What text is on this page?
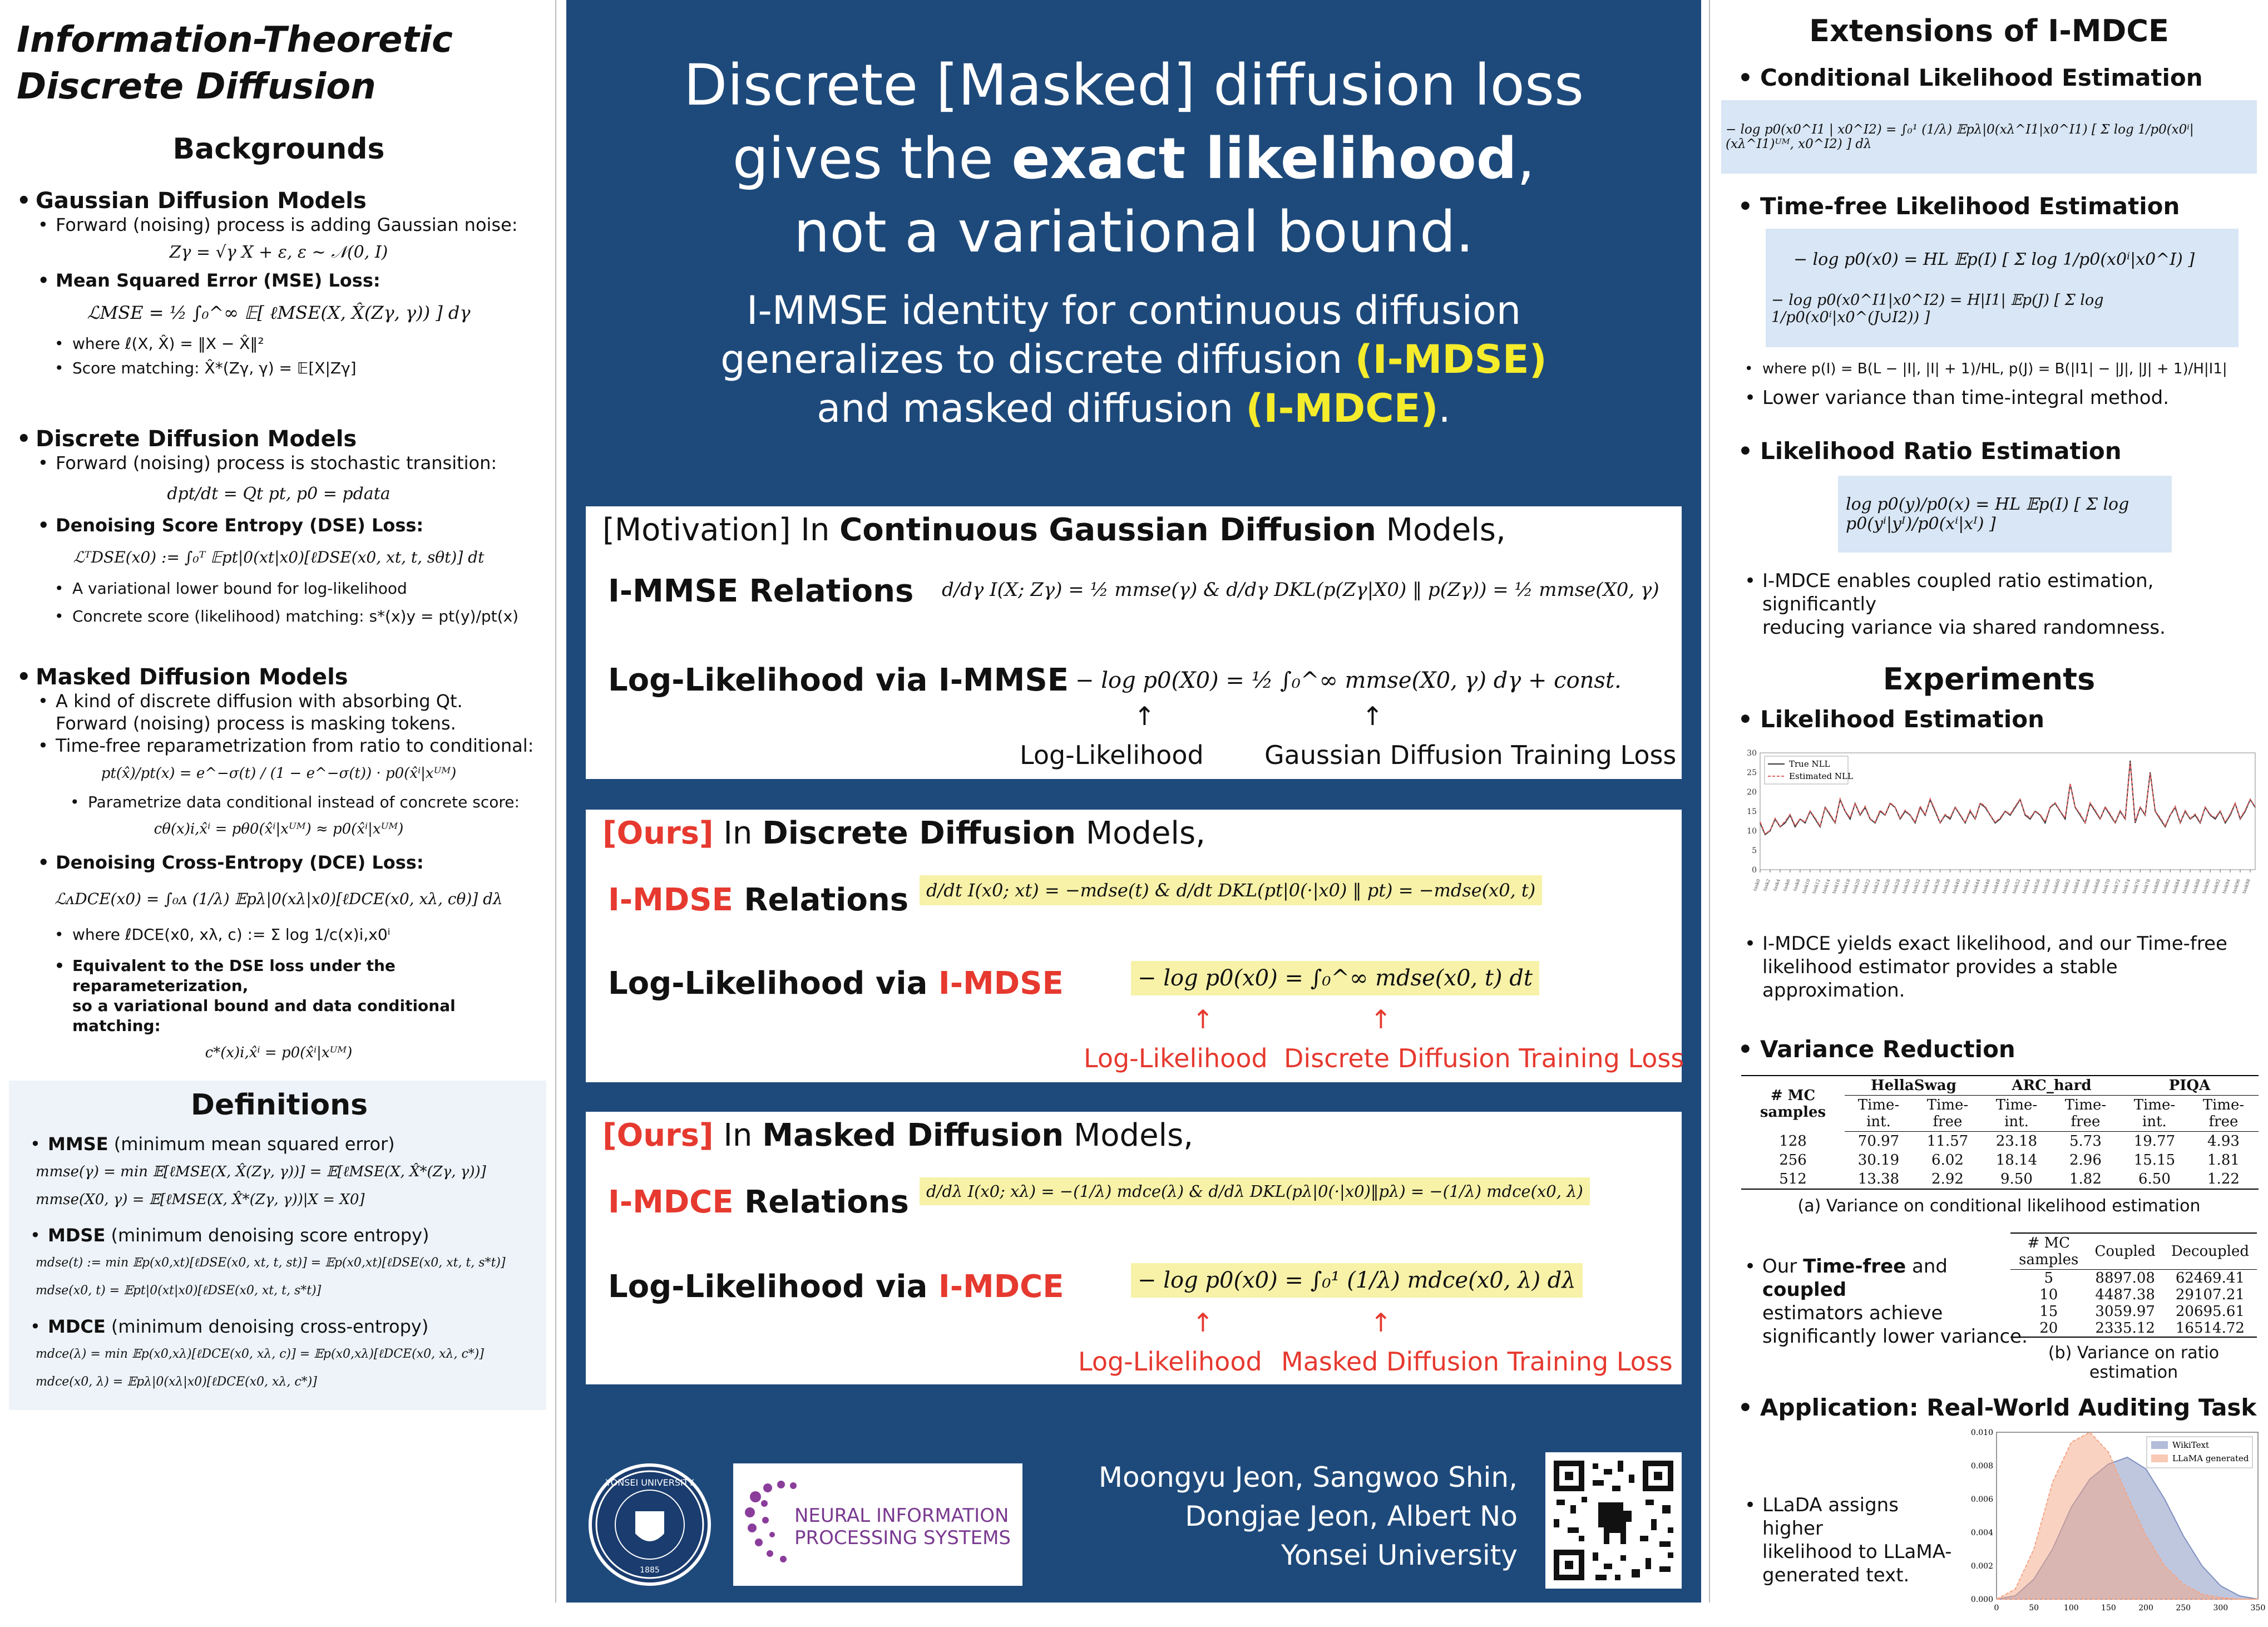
Information-Theoretic
Discrete Diffusion
Backgrounds
• Gaussian Diffusion Models
• Forward (noising) process is adding Gaussian noise:
Zγ = √γ X + ε, ε ∼ 𝒩(0, I)
• Mean Squared Error (MSE) Loss:
ℒMSE = ½ ∫₀^∞ 𝔼[ ℓMSE(X, X̂(Zγ, γ)) ] dγ
• where ℓ(X, X̂) = ‖X − X̂‖²
• Score matching: X̂*(Zγ, γ) = 𝔼[X|Zγ]
• Discrete Diffusion Models
• Forward (noising) process is stochastic transition:
dpt/dt = Qt pt, p0 = pdata
• Denoising Score Entropy (DSE) Loss:
ℒᵀDSE(x0) := ∫₀ᵀ 𝔼pt|0(xt|x0)[ℓDSE(x0, xt, t, sθt)] dt
• A variational lower bound for log-likelihood
• Concrete score (likelihood) matching: s*(x)y = pt(y)/pt(x)
• Masked Diffusion Models
• A kind of discrete diffusion with absorbing Qt.
Forward (noising) process is masking tokens.
• Time-free reparametrization from ratio to conditional:
pt(x̂)/pt(x) = e^−σ(t) / (1 − e^−σ(t)) · p0(x̂ⁱ|xᵁᴹ)
• Parametrize data conditional instead of concrete score:
cθ(x)i,x̂ⁱ = pθ0(x̂ⁱ|xᵁᴹ) ≈ p0(x̂ⁱ|xᵁᴹ)
• Denoising Cross-Entropy (DCE) Loss:
ℒᴧDCE(x0) = ∫₀ᴧ (1/λ) 𝔼pλ|0(xλ|x0)[ℓDCE(x0, xλ, cθ)] dλ
• where ℓDCE(x0, xλ, c) := Σ log 1/c(x)i,x0ⁱ
• Equivalent to the DSE loss under the reparameterization,
so a variational bound and data conditional matching:
c*(x)i,x̂ⁱ = p0(x̂ⁱ|xᵁᴹ)
Definitions
• MMSE (minimum mean squared error)
mmse(γ) = min 𝔼[ℓMSE(X, X̂(Zγ, γ))] = 𝔼[ℓMSE(X, X̂*(Zγ, γ))]
mmse(X0, γ) = 𝔼[ℓMSE(X, X̂*(Zγ, γ))|X = X0]
• MDSE (minimum denoising score entropy)
mdse(t) := min 𝔼p(x0,xt)[ℓDSE(x0, xt, t, st)] = 𝔼p(x0,xt)[ℓDSE(x0, xt, t, s*t)]
mdse(x0, t) = 𝔼pt|0(xt|x0)[ℓDSE(x0, xt, t, s*t)]
• MDCE (minimum denoising cross-entropy)
mdce(λ) = min 𝔼p(x0,xλ)[ℓDCE(x0, xλ, c)] = 𝔼p(x0,xλ)[ℓDCE(x0, xλ, c*)]
mdce(x0, λ) = 𝔼pλ|0(xλ|x0)[ℓDCE(x0, xλ, c*)]
Discrete [Masked] diffusion loss
gives the exact likelihood,
not a variational bound.
I-MMSE identity for continuous diffusion
generalizes to discrete diffusion (I-MDSE)
and masked diffusion (I-MDCE).
[Motivation] In Continuous Gaussian Diffusion Models,
I-MMSE Relations d/dγ I(X; Zγ) = ½ mmse(γ) & d/dγ DKL(p(Zγ|X0) ‖ p(Zγ)) = ½ mmse(X0, γ)
Log-Likelihood via I-MMSE − log p0(X0) = ½ ∫₀^∞ mmse(X0, γ) dγ + const.
↑	↑
Log-Likelihood Gaussian Diffusion Training Loss
[Ours] In Discrete Diffusion Models,
I-MDSE Relations d/dt I(x0; xt) = −mdse(t) & d/dt DKL(pt|0(·|x0) ‖ pt) = −mdse(x0, t)
Log-Likelihood via I-MDSE	− log p0(x0) = ∫₀^∞ mdse(x0, t) dt
↑	↑
Log-Likelihood Discrete Diffusion Training Loss
[Ours] In Masked Diffusion Models,
I-MDCE Relations	d/dλ I(x0; xλ) = −(1/λ) mdce(λ) & d/dλ DKL(pλ|0(·|x0)‖pλ) = −(1/λ) mdce(x0, λ)
Log-Likelihood via I-MDCE	− log p0(x0) = ∫₀¹ (1/λ) mdce(x0, λ) dλ
↑	↑
Log-Likelihood Masked Diffusion Training Loss
YONSEI UNIVERSITY
1885
NEURAL INFORMATION
PROCESSING SYSTEMS
Moongyu Jeon, Sangwoo Shin,
Dongjae Jeon, Albert No
Yonsei University
Extensions of I-MDCE
• Conditional Likelihood Estimation
− log p0(x0^I1 | x0^I2) = ∫₀¹ (1/λ) 𝔼pλ|0(xλ^I1|x0^I1) [ Σ log 1/p0(x0ⁱ|(xλ^I1)ᵁᴹ, x0^I2) ] dλ
• Time-free Likelihood Estimation
− log p0(x0) = HL 𝔼p(I) [ Σ log 1/p0(x0ⁱ|x0^I) ]
− log p0(x0^I1|x0^I2) = H|I1| 𝔼p(J) [ Σ log 1/p0(x0ⁱ|x0^(J∪I2)) ]
• where p(I) = B(L − |I|, |I| + 1)/HL, p(J) = B(|I1| − |J|, |J| + 1)/H|I1|
• Lower variance than time-integral method.
• Likelihood Ratio Estimation
log p0(y)/p0(x) = HL 𝔼p(I) [ Σ log p0(yⁱ|yᴵ)/p0(xⁱ|xᴵ) ]
• I-MDCE enables coupled ratio estimation, significantly
reducing variance via shared randomness.
Experiments
• Likelihood Estimation
0
5
10
15
20
25
30
task0 task2 task4 task6 task8 task10 task12 task14 task16 task18 task20 task22 task24 task26 task28 task30 task32 task34 task36 task38 task40 task42 task44 task46 task48 task50 task52 task54 task56 task58 task60 task62 task64 task66 task68 task70 task72 task74 task76 task78 task80 task82 task84 task86 task88 task90 task92 task94 task96 task98
True NLL
Estimated NLL
• I-MDCE yields exact likelihood, and our Time-free
likelihood estimator provides a stable approximation.
• Variance Reduction
# MC samples	HellaSwag		ARC_hard		PIQA	
	Time-int.	Time-free	Time-int.	Time-free	Time-int.	Time-free
128	70.97	11.57	23.18	5.73	19.77	4.93
256	30.19	6.02	18.14	2.96	15.15	1.81
512	13.38	2.92	9.50	1.82	6.50	1.22
(a) Variance on conditional likelihood estimation
• Our Time-free and coupled
estimators achieve
significantly lower variance.
# MC samples	Coupled	Decoupled
5	8897.08	62469.41
10	4487.38	29107.21
15	3059.97	20695.61
20	2335.12	16514.72
(b) Variance on ratio estimation
• Application: Real-World Auditing Task
• LLaDA assigns higher
likelihood to LLaMA-
generated text.
0.000
0.002
0.004
0.006
0.008
0.010
0	50	100	150	200	250	300	350
WikiText
LLaMA generated
